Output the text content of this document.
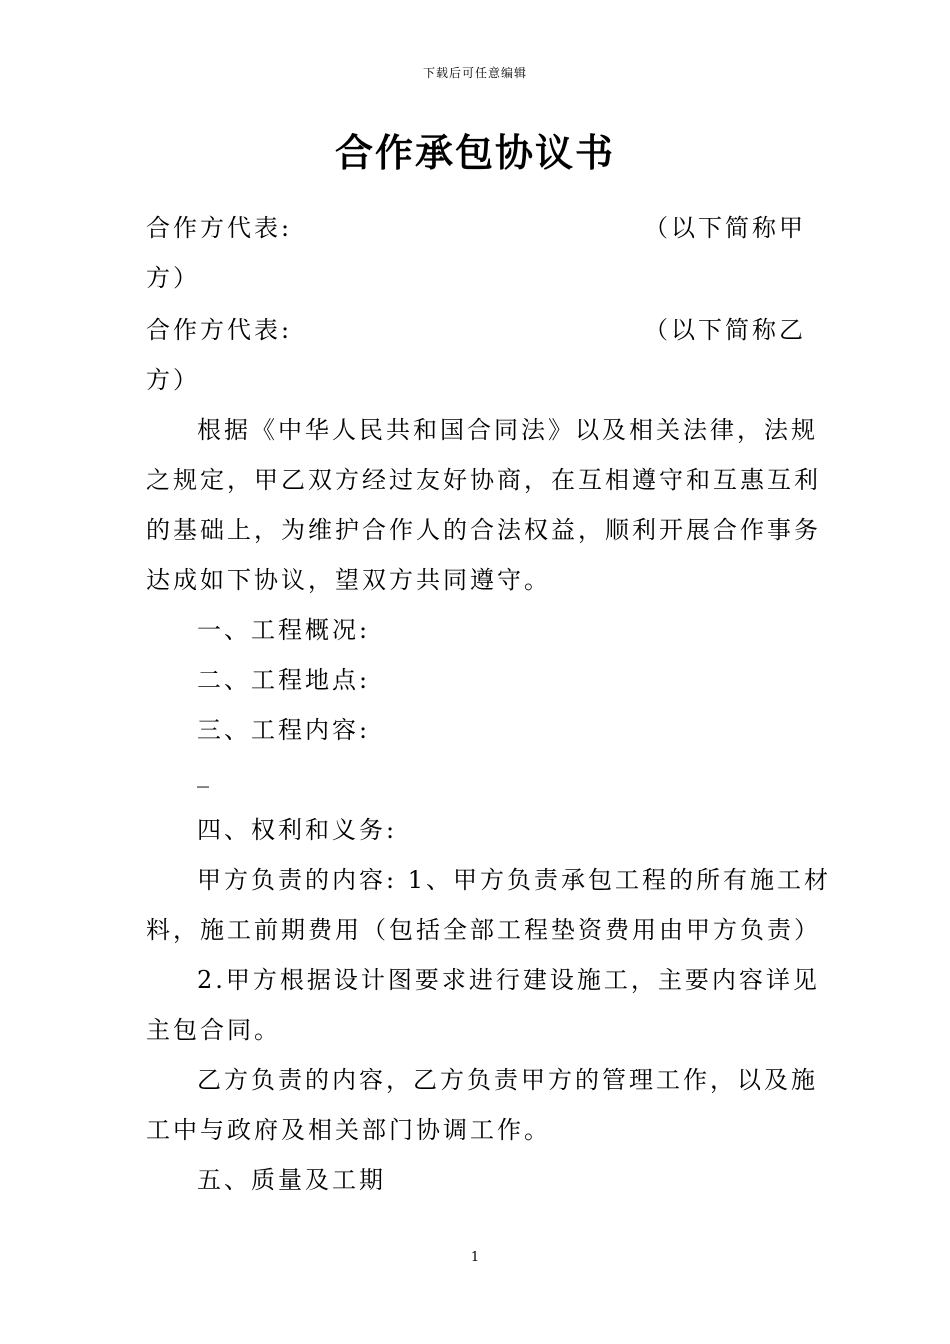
下载后可任意编辑
合作承包协议书
合作方代表:	（以下简称甲
方）
合作方代表:	（以下简称乙
方）
根据《中华人民共和国合同法》以及相关法律，法规
之规定，甲乙双方经过友好协商，在互相遵守和互惠互利
的基础上，为维护合作人的合法权益，顺利开展合作事务
达成如下协议，望双方共同遵守。
一、工程概况:
二、工程地点:
三、工程内容:
_
四、权利和义务:
甲方负责的内容: 1、甲方负责承包工程的所有施工材
料，施工前期费用（包括全部工程垫资费用由甲方负责）
2.甲方根据设计图要求进行建设施工，主要内容详见
主包合同。
乙方负责的内容，乙方负责甲方的管理工作，以及施
工中与政府及相关部门协调工作。
五、质量及工期
1
